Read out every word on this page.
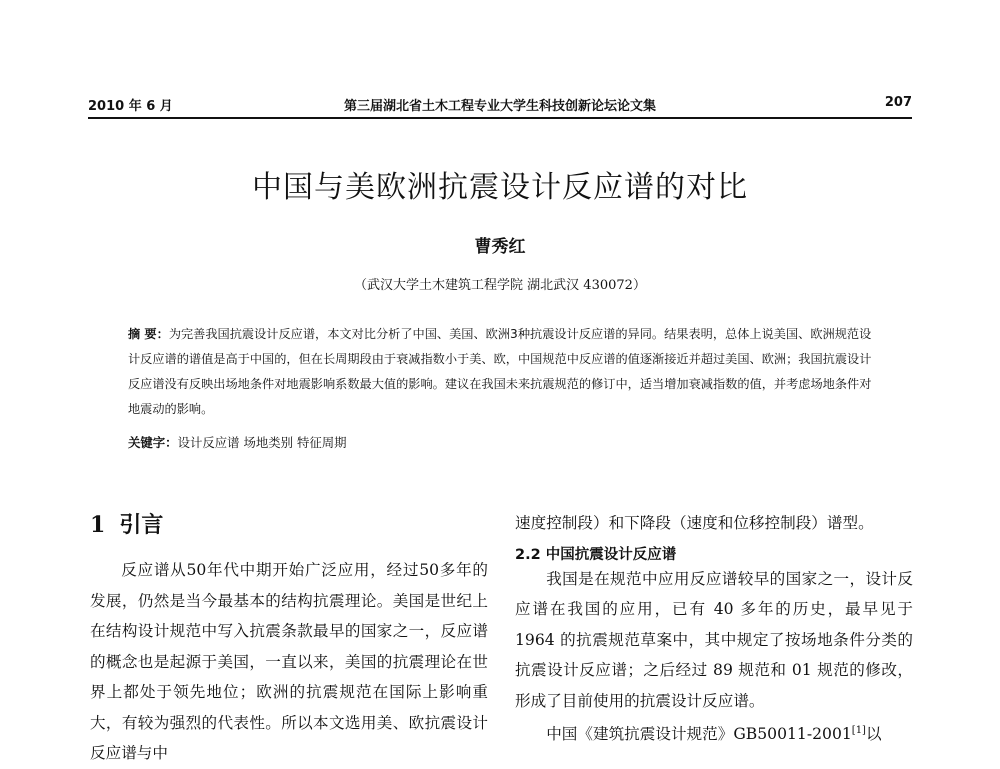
2010 年 6 月	第三届湖北省土木工程专业大学生科技创新论坛论文集	207
中国与美欧洲抗震设计反应谱的对比
曹秀红
（武汉大学土木建筑工程学院 湖北武汉 430072）
摘 要：为完善我国抗震设计反应谱，本文对比分析了中国、美国、欧洲3种抗震设计反应谱的异同。结果表明，总体上说美国、欧洲规范设计反应谱的谱值是高于中国的，但在长周期段由于衰减指数小于美、欧，中国规范中反应谱的值逐渐接近并超过美国、欧洲；我国抗震设计反应谱没有反映出场地条件对地震影响系数最大值的影响。建议在我国未来抗震规范的修订中，适当增加衰减指数的值，并考虑场地条件对地震动的影响。
关键字：设计反应谱 场地类别 特征周期
1 引言
反应谱从50年代中期开始广泛应用，经过50多年的发展，仍然是当今最基本的结构抗震理论。美国是世纪上在结构设计规范中写入抗震条款最早的国家之一，反应谱的概念也是起源于美国，一直以来，美国的抗震理论在世界上都处于领先地位；欧洲的抗震规范在国际上影响重大，有较为强烈的代表性。所以本文选用美、欧抗震设计反应谱与中
速度控制段）和下降段（速度和位移控制段）谱型。
2.2 中国抗震设计反应谱
我国是在规范中应用反应谱较早的国家之一，设计反应谱在我国的应用，已有 40 多年的历史，最早见于 1964 的抗震规范草案中，其中规定了按场地条件分类的抗震设计反应谱；之后经过 89 规范和 01 规范的修改，形成了目前使用的抗震设计反应谱。
中国《建筑抗震设计规范》GB50011-2001[1]以
